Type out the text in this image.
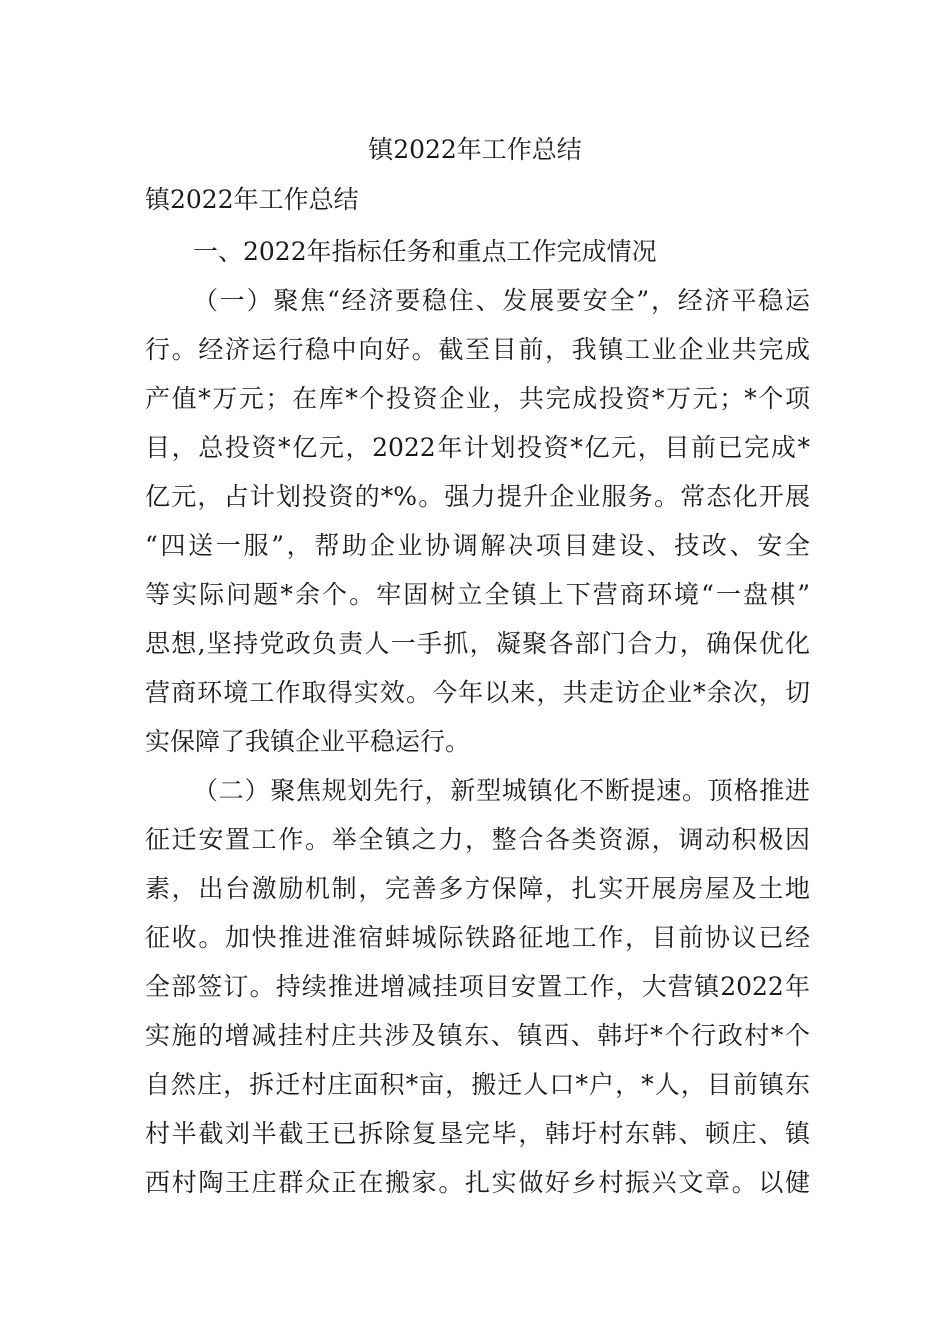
镇2022年工作总结

镇2022年工作总结

一、2022年指标任务和重点工作完成情况
（一）聚焦“经济要稳住、发展要安全”，经济平稳运
行。经济运行稳中向好。截至目前，我镇工业企业共完成
产值*万元；在库*个投资企业，共完成投资*万元；*个项
目，总投资*亿元，2022年计划投资*亿元，目前已完成*
亿元，占计划投资的*%。强力提升企业服务。常态化开展
“四送一服”，帮助企业协调解决项目建设、技改、安全
等实际问题*余个。牢固树立全镇上下营商环境“一盘棋”
思想,坚持党政负责人一手抓，凝聚各部门合力，确保优化
营商环境工作取得实效。今年以来，共走访企业*余次，切
实保障了我镇企业平稳运行。
（二）聚焦规划先行，新型城镇化不断提速。顶格推进
征迁安置工作。举全镇之力，整合各类资源，调动积极因
素，出台激励机制，完善多方保障，扎实开展房屋及土地
征收。加快推进淮宿蚌城际铁路征地工作，目前协议已经
全部签订。持续推进增减挂项目安置工作，大营镇2022年
实施的增减挂村庄共涉及镇东、镇西、韩圩*个行政村*个
自然庄，拆迁村庄面积*亩，搬迁人口*户，*人，目前镇东
村半截刘半截王已拆除复垦完毕，韩圩村东韩、顿庄、镇
西村陶王庄群众正在搬家。扎实做好乡村振兴文章。以健
